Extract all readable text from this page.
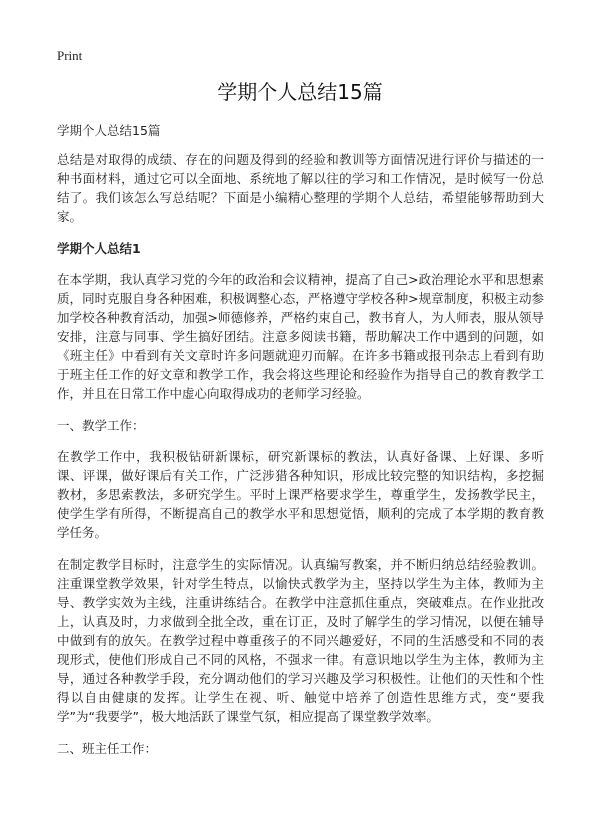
Print
学期个人总结15篇

学期个人总结15篇

总结是对取得的成绩、存在的问题及得到的经验和教训等方面情况进行评价与描述的一种书面材料，通过它可以全面地、系统地了解以往的学习和工作情况，是时候写一份总结了。我们该怎么写总结呢？下面是小编精心整理的学期个人总结，希望能够帮助到大家。

学期个人总结1

在本学期，我认真学习党的今年的政治和会议精神，提高了自己>政治理论水平和思想素质，同时克服自身各种困难，积极调整心态，严格遵守学校各种>规章制度，积极主动参加学校各种教育活动，加强>师德修养，严格约束自己，教书育人，为人师表，服从领导安排，注意与同事、学生搞好团结。注意多阅读书籍，帮助解决工作中遇到的问题，如《班主任》中看到有关文章时许多问题就迎刃而解。在许多书籍或报刊杂志上看到有助于班主任工作的好文章和教学工作，我会将这些理论和经验作为指导自己的教育教学工作，并且在日常工作中虚心向取得成功的老师学习经验。

一、教学工作：

在教学工作中，我积极钻研新课标，研究新课标的教法，认真好备课、上好课、多听课、评课，做好课后有关工作，广泛涉猎各种知识，形成比较完整的知识结构，多挖掘教材，多思索教法，多研究学生。平时上课严格要求学生，尊重学生，发扬教学民主，使学生学有所得，不断提高自己的教学水平和思想觉悟，顺利的完成了本学期的教育教学任务。

在制定教学目标时，注意学生的实际情况。认真编写教案，并不断归纳总结经验教训。注重课堂教学效果，针对学生特点，以愉快式教学为主，坚持以学生为主体，教师为主导、教学实效为主线，注重讲练结合。在教学中注意抓住重点，突破难点。在作业批改上，认真及时，力求做到全批全改，重在订正，及时了解学生的学习情况，以便在辅导中做到有的放矢。在教学过程中尊重孩子的不同兴趣爱好，不同的生活感受和不同的表现形式，使他们形成自己不同的风格，不强求一律。有意识地以学生为主体，教师为主导，通过各种教学手段，充分调动他们的学习兴趣及学习积极性。让他们的天性和个性得以自由健康的发挥。让学生在视、听、触觉中培养了创造性思维方式，变“要我学”为“我要学”，极大地活跃了课堂气氛，相应提高了课堂教学效率。

二、班主任工作：
